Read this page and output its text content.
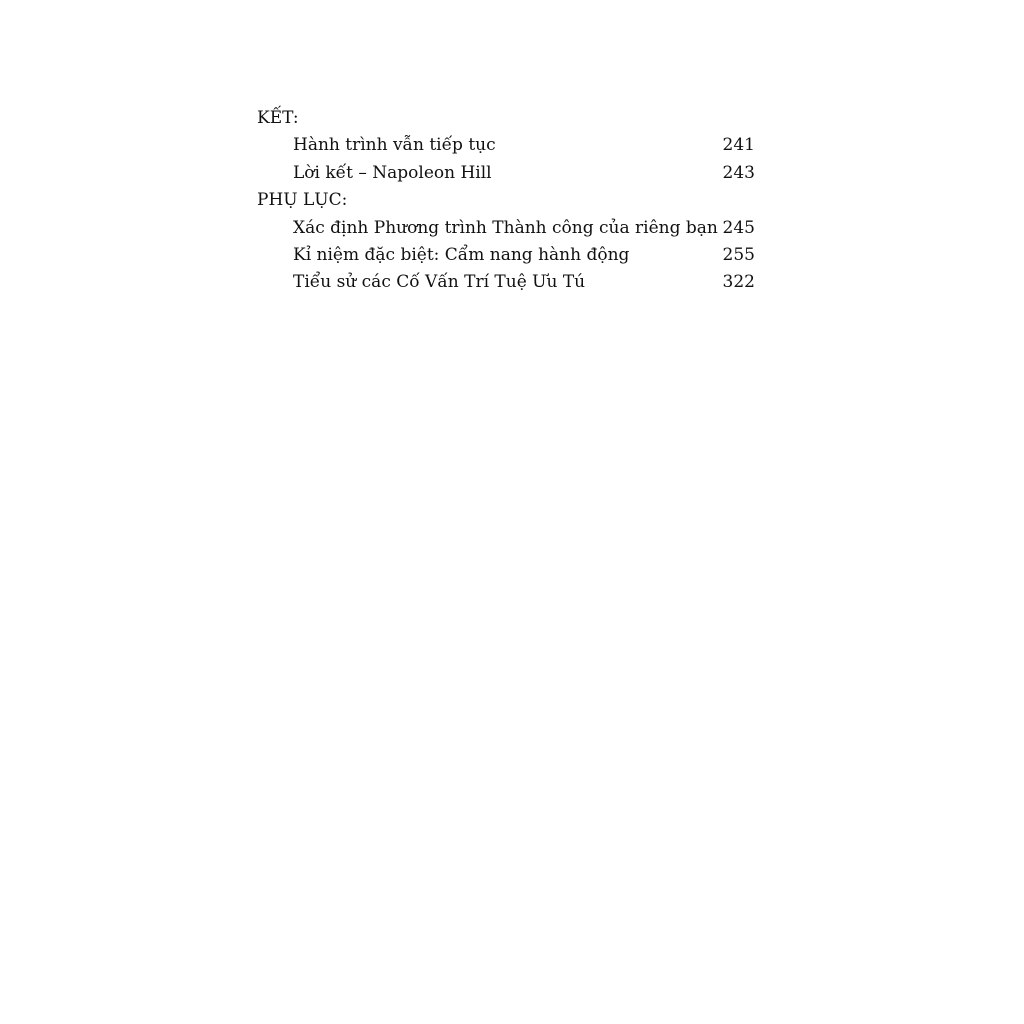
KẾT:
Hành trình vẫn tiếp tục	241
Lời kết – Napoleon Hill	243
PHỤ LỤC:
Xác định Phương trình Thành công của riêng bạn 245
Kỉ niệm đặc biệt: Cẩm nang hành động	255
Tiểu sử các Cố Vấn Trí Tuệ Ưu Tú	322
